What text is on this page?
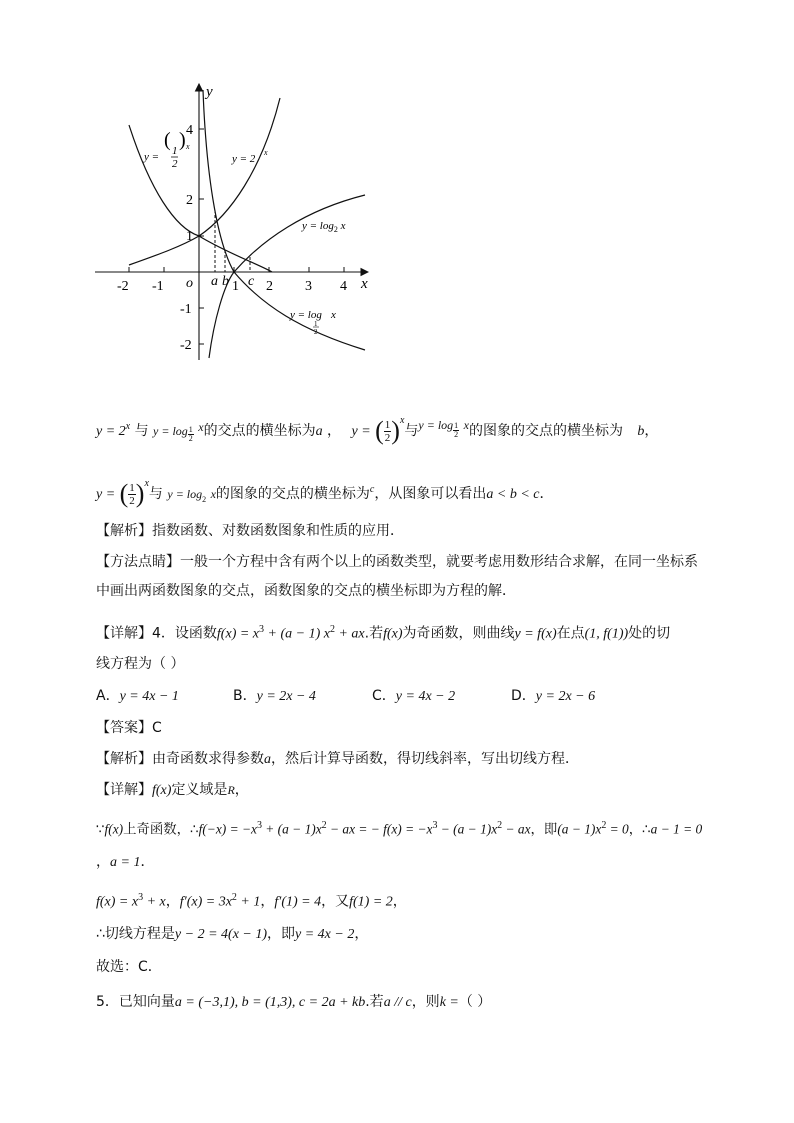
y
x
o
-2 -1	1 2 3 4
4
2
1
-1
-2
a b c
y =
( 1
2
) x
y = 2
x
$y = \log_2 x$
y = log
1
2
x
$y = 2^x$ 与 $y = \log \frac{1}{2}$ x的交点的横坐标为a ， y = ( $\frac{1}{2} )^x$与$y = \log \frac{1}{2}$ x的图象的交点的横坐标为 b，
y = ( $\frac{1}{2} )^x$与 $y = \log_2 x$的图象的交点的横坐标为$^c$，从图象可以看出a < b < c．
【解析】指数函数、对数函数图象和性质的应用．
【方法点睛】一般一个方程中含有两个以上的函数类型，就要考虑用数形结合求解，在同一坐标系
中画出两函数图象的交点，函数图象的交点的横坐标即为方程的解．
【详解】4．设函数$f(x) = x^3 + (a - 1) x^2$ + ax.若f(x)为奇函数，则曲线y = f(x)在点(1, f(1))处的切
线方程为（ ）
A．y = 4x − 1	B．y = 2x − 4	C．y = 4x − 2	D．y = 2x − 6
【答案】C
【解析】由奇函数求得参数a，然后计算导函数，得切线斜率，写出切线方程．
【详解】f(x)定义域是R，
∵f(x)上奇函数，∴f(−x) = $-x^3 + (a - 1)x^2$ − ax = − $f(x) = -x^3 - (a - 1)x^2$ − ax，即$(a - 1)x^2 = 0$，∴a − 1 = 0
，a = 1．
$f(x) = x^3 + x$，$f'(x) = 3x^2 + 1$，f′(1) = 4，又f(1) = 2，
∴切线方程是y − 2 = 4(x − 1)，即y = 4x − 2，
故选：C．
5．已知向量a = (−3,1), b = (1,3), c = 2a + kb.若a // c，则k =（ ）
